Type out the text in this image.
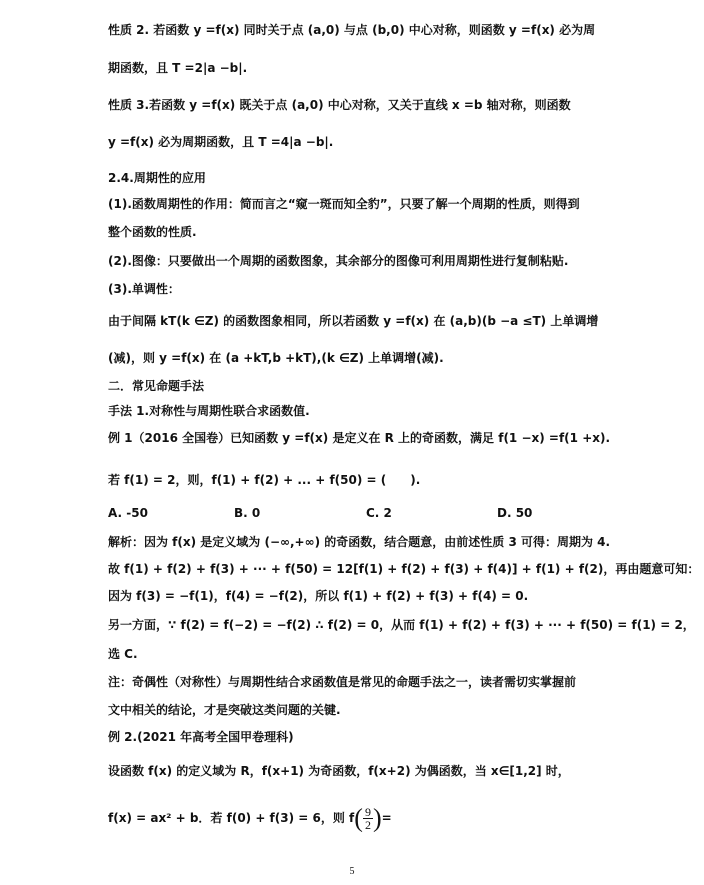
性质 2. 若函数 y =f(x) 同时关于点 (a,0) 与点 (b,0) 中心对称，则函数 y =f(x) 必为周
期函数，且 T =2|a −b|.
性质 3.若函数 y =f(x) 既关于点 (a,0) 中心对称，又关于直线 x =b 轴对称，则函数
y =f(x) 必为周期函数，且 T =4|a −b|.
2.4.周期性的应用
(1).函数周期性的作用：简而言之“窥一斑而知全豹”，只要了解一个周期的性质，则得到
整个函数的性质.
(2).图像：只要做出一个周期的函数图象，其余部分的图像可利用周期性进行复制粘贴.
(3).单调性：
由于间隔 kT(k ∈Z) 的函数图象相同，所以若函数 y =f(x) 在 (a,b)(b −a ≤T) 上单调增
(减)，则 y =f(x) 在 (a +kT,b +kT),(k ∈Z) 上单调增(减).
二．常见命题手法
手法 1.对称性与周期性联合求函数值.
例 1（2016 全国卷）已知函数 y =f(x) 是定义在 R 上的奇函数，满足 f(1 −x) =f(1 +x).
若 f(1) = 2，则，f(1) + f(2) + ... + f(50) = (　　).
A. -50	B. 0	C. 2	D. 50
解析：因为 f(x) 是定义域为 (−∞,+∞) 的奇函数，结合题意，由前述性质 3 可得：周期为 4.
故 f(1) + f(2) + f(3) + ··· + f(50) = 12[f(1) + f(2) + f(3) + f(4)] + f(1) + f(2)，再由题意可知：
因为 f(3) = −f(1)，f(4) = −f(2)，所以 f(1) + f(2) + f(3) + f(4) = 0.
另一方面，∵ f(2) = f(−2) = −f(2) ∴ f(2) = 0，从而 f(1) + f(2) + f(3) + ··· + f(50) = f(1) = 2，
选 C.
注：奇偶性（对称性）与周期性结合求函数值是常见的命题手法之一，读者需切实掌握前
文中相关的结论，才是突破这类问题的关键.
例 2.(2021 年高考全国甲卷理科)
设函数 f(x) 的定义域为 R，f(x+1) 为奇函数，f(x+2) 为偶函数，当 x∈[1,2] 时，
f(x) = ax² + b．若 f(0) + f(3) = 6，则 $f( \frac{9}{2}$ )=
5
